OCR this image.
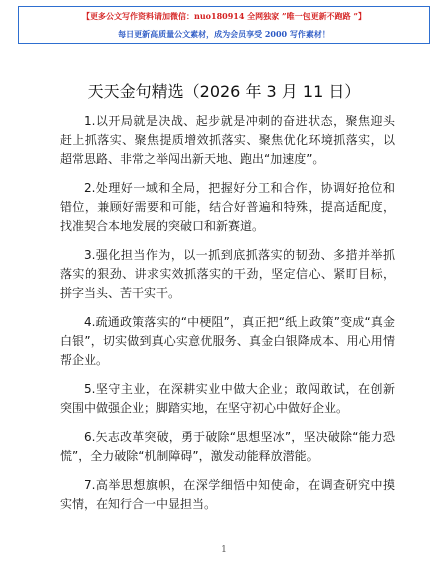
【更多公文写作资料请加微信：nuo180914 全网独家 ”唯一包更新不跑路 ”】
每日更新高质量公文素材，成为会员享受 2000 写作素材！
天天金句精选（2026 年 3 月 11 日）

1.以开局就是决战、起步就是冲刺的奋进状态，聚焦迎头赶上抓落实、聚焦提质增效抓落实、聚焦优化环境抓落实，以超常思路、非常之举闯出新天地、跑出“加速度”。

2.处理好一域和全局，把握好分工和合作，协调好抢位和错位，兼顾好需要和可能，结合好普遍和特殊，提高适配度，找准契合本地发展的突破口和新赛道。

3.强化担当作为，以一抓到底抓落实的韧劲、多措并举抓落实的狠劲、讲求实效抓落实的干劲，坚定信心、紧盯目标，拼字当头、苦干实干。

4.疏通政策落实的“中梗阻”，真正把“纸上政策”变成“真金白银”，切实做到真心实意优服务、真金白银降成本、用心用情帮企业。

5.坚守主业，在深耕实业中做大企业；敢闯敢试，在创新突围中做强企业；脚踏实地，在坚守初心中做好企业。

6.矢志改革突破，勇于破除“思想坚冰”，坚决破除“能力恐慌”，全力破除“机制障碍”，激发动能释放潜能。

7.高举思想旗帜，在深学细悟中知使命，在调查研究中摸实情，在知行合一中显担当。

1
